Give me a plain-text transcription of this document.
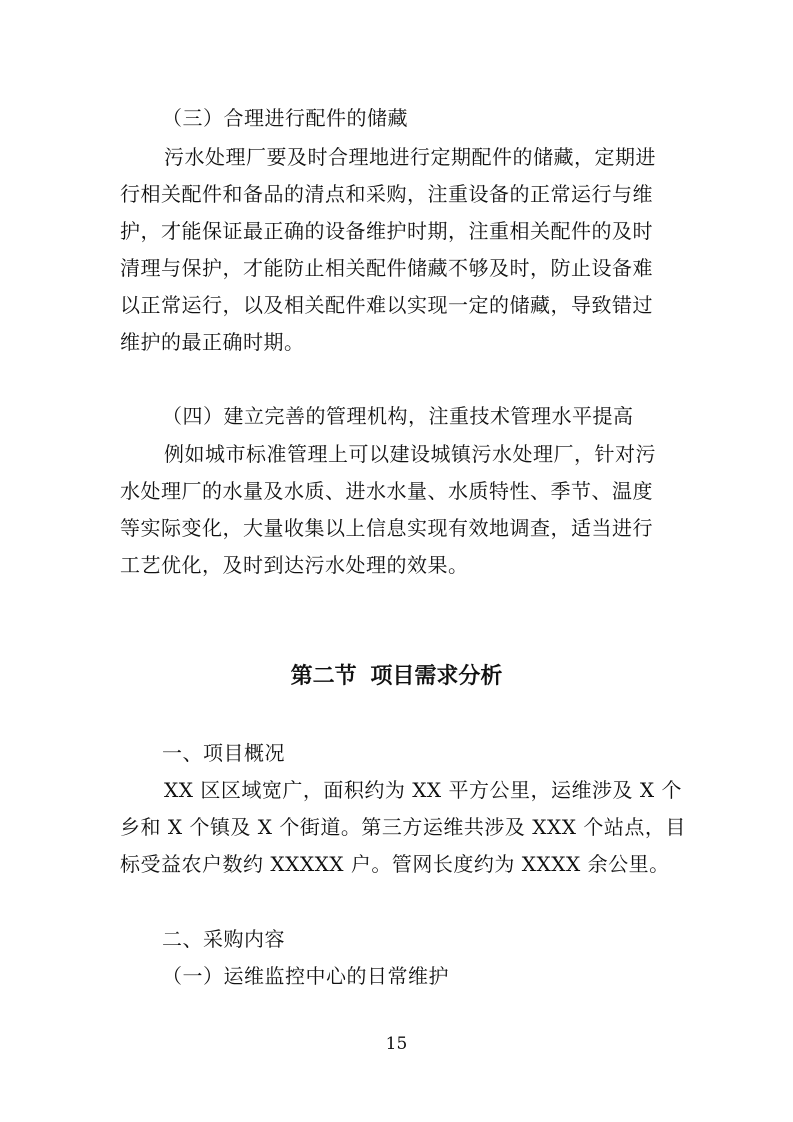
（三）合理进行配件的储藏
污水处理厂要及时合理地进行定期配件的储藏，定期进
行相关配件和备品的清点和采购，注重设备的正常运行与维
护，才能保证最正确的设备维护时期，注重相关配件的及时
清理与保护，才能防止相关配件储藏不够及时，防止设备难
以正常运行，以及相关配件难以实现一定的储藏，导致错过
维护的最正确时期。
（四）建立完善的管理机构，注重技术管理水平提高
例如城市标准管理上可以建设城镇污水处理厂，针对污
水处理厂的水量及水质、进水水量、水质特性、季节、温度
等实际变化，大量收集以上信息实现有效地调查，适当进行
工艺优化，及时到达污水处理的效果。
第二节 项目需求分析
一、项目概况
XX 区区域宽广，面积约为 XX 平方公里，运维涉及 X 个
乡和 X 个镇及 X 个街道。第三方运维共涉及 XXX 个站点，目
标受益农户数约 XXXXX 户。管网长度约为 XXXX 余公里。
二、采购内容
（一）运维监控中心的日常维护
15
